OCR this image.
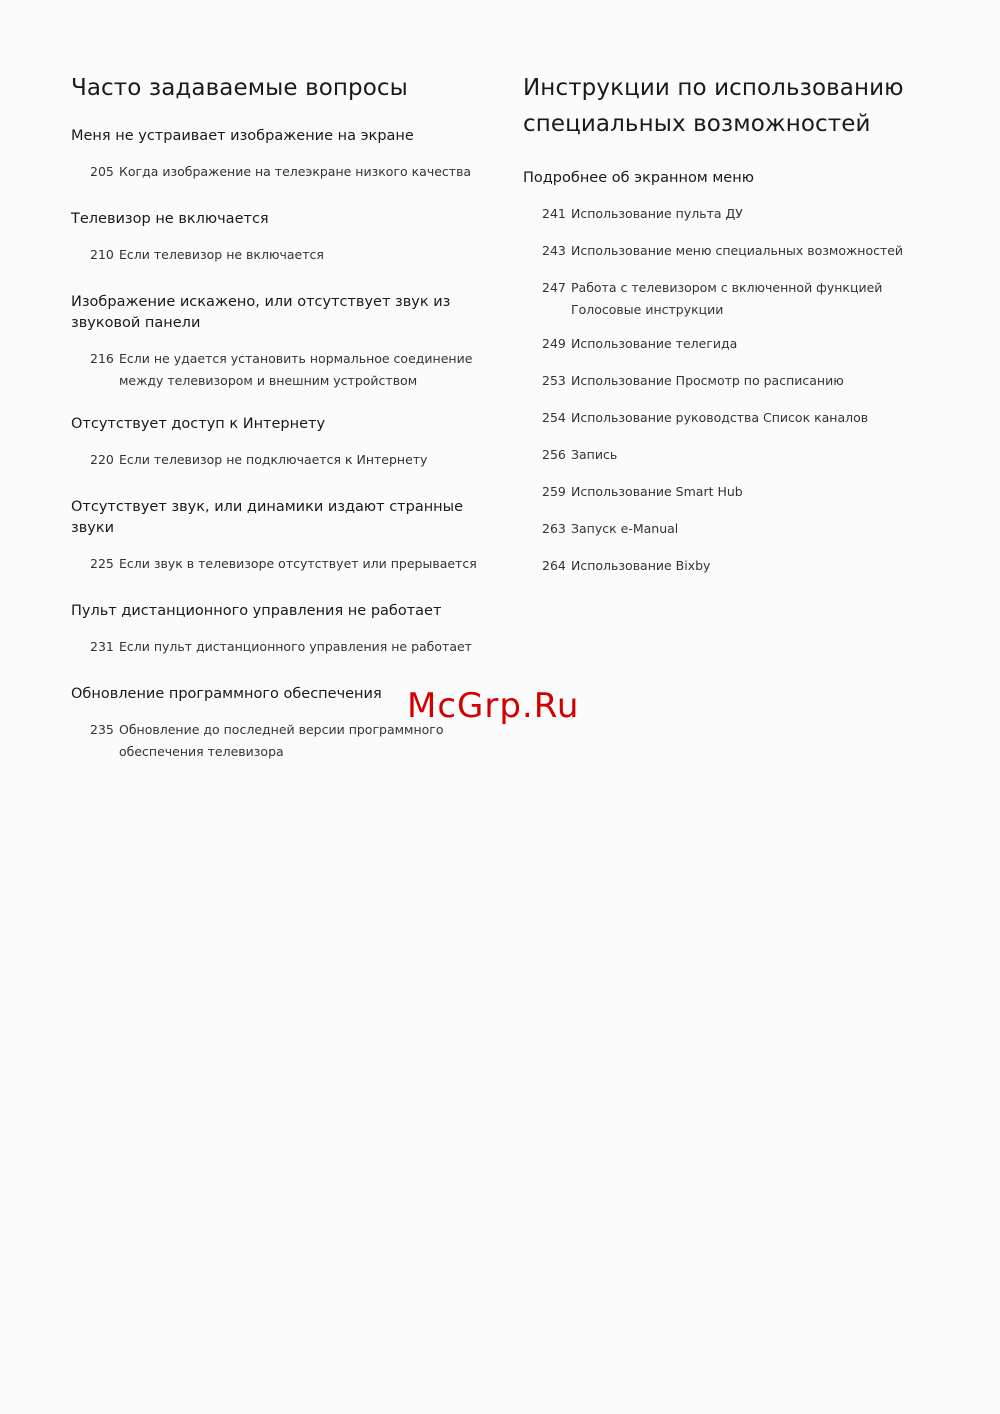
Часто задаваемые вопросы
Меня не устраивает изображение на экране
205 Когда изображение на телеэкране низкого качества
Телевизор не включается
210 Если телевизор не включается
Изображение искажено, или отсутствует звук из звуковой панели
216 Если не удается установить нормальное соединение между телевизором и внешним устройством
Отсутствует доступ к Интернету
220 Если телевизор не подключается к Интернету
Отсутствует звук, или динамики издают странные звуки
225 Если звук в телевизоре отсутствует или прерывается
Пульт дистанционного управления не работает
231 Если пульт дистанционного управления не работает
Обновление программного обеспечения
235 Обновление до последней версии программного обеспечения телевизора
Инструкции по использованию специальных возможностей
Подробнее об экранном меню
241 Использование пульта ДУ
243 Использование меню специальных возможностей
247 Работа с телевизором с включенной функцией Голосовые инструкции
249 Использование телегида
253 Использование Просмотр по расписанию
254 Использование руководства Список каналов
256 Запись
259 Использование Smart Hub
263 Запуск e-Manual
264 Использование Bixby
McGrp.Ru
